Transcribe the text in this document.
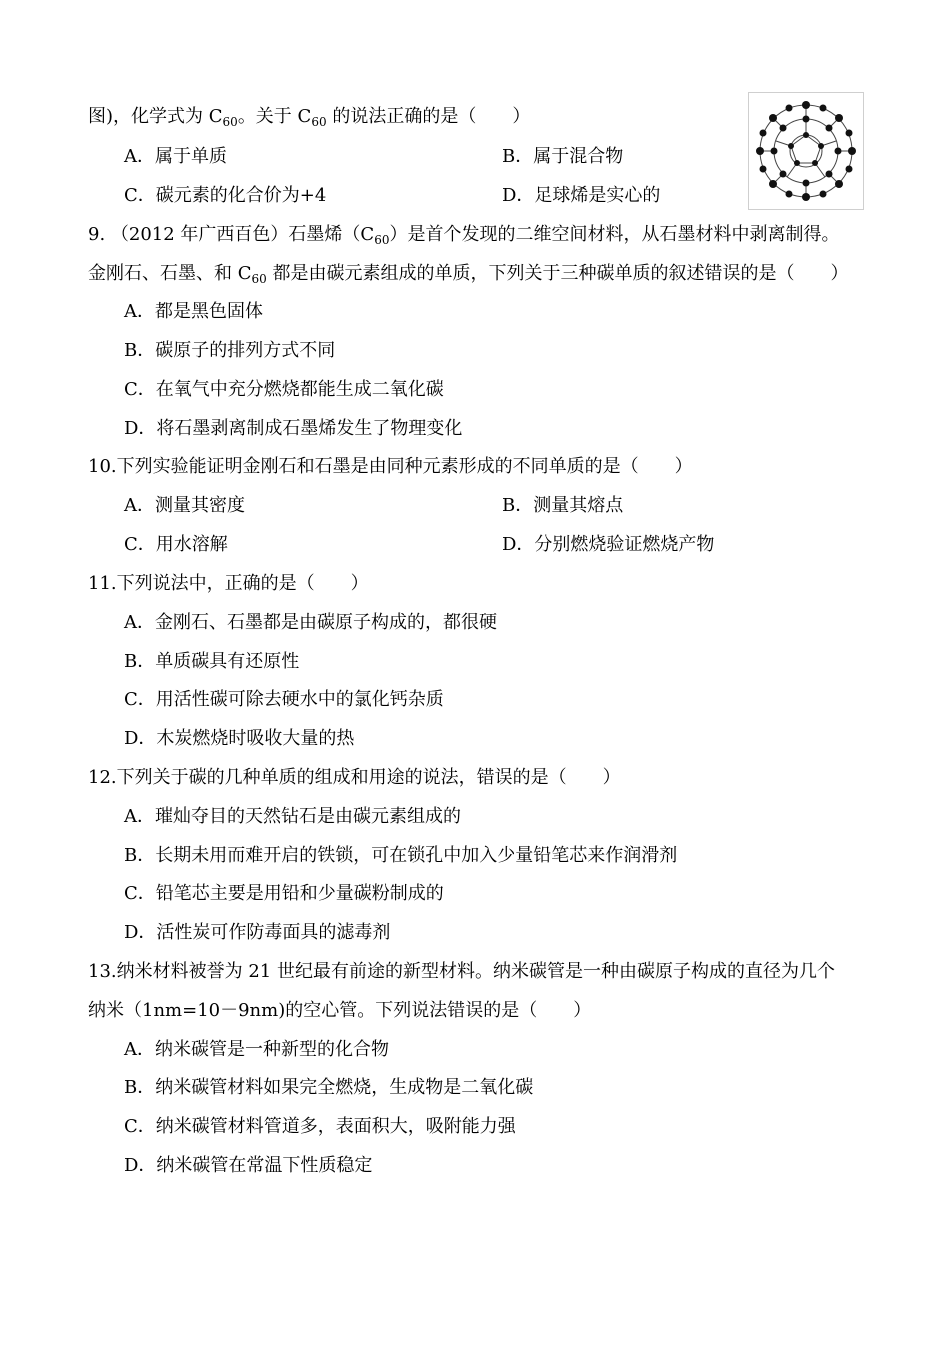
图)，化学式为 $C_{60}$。关于 $C_{60}$ 的说法正确的是（　　）
A．属于单质	B．属于混合物
C．碳元素的化合价为+4	D．足球烯是实心的
9. （2012 年广西百色）石墨烯$(C_{60})$是首个发现的二维空间材料，从石墨材料中剥离制得。
金刚石、石墨、和 $C_{60}$ 都是由碳元素组成的单质，下列关于三种碳单质的叙述错误的是（　　）
A．都是黑色固体
B．碳原子的排列方式不同
C．在氧气中充分燃烧都能生成二氧化碳
D．将石墨剥离制成石墨烯发生了物理变化
10.下列实验能证明金刚石和石墨是由同种元素形成的不同单质的是（　　）
A．测量其密度	B．测量其熔点
C．用水溶解	D．分别燃烧验证燃烧产物
11.下列说法中，正确的是（　　）
A．金刚石、石墨都是由碳原子构成的，都很硬
B．单质碳具有还原性
C．用活性碳可除去硬水中的氯化钙杂质
D．木炭燃烧时吸收大量的热
12.下列关于碳的几种单质的组成和用途的说法，错误的是（　　）
A．璀灿夺目的天然钻石是由碳元素组成的
B．长期未用而难开启的铁锁，可在锁孔中加入少量铅笔芯来作润滑剂
C．铅笔芯主要是用铅和少量碳粉制成的
D．活性炭可作防毒面具的滤毒剂
13.纳米材料被誉为 21 世纪最有前途的新型材料。纳米碳管是一种由碳原子构成的直径为几个
纳米（1nm=10－9nm)的空心管。下列说法错误的是（　　）
A．纳米碳管是一种新型的化合物
B．纳米碳管材料如果完全燃烧，生成物是二氧化碳
C．纳米碳管材料管道多，表面积大，吸附能力强
D．纳米碳管在常温下性质稳定
